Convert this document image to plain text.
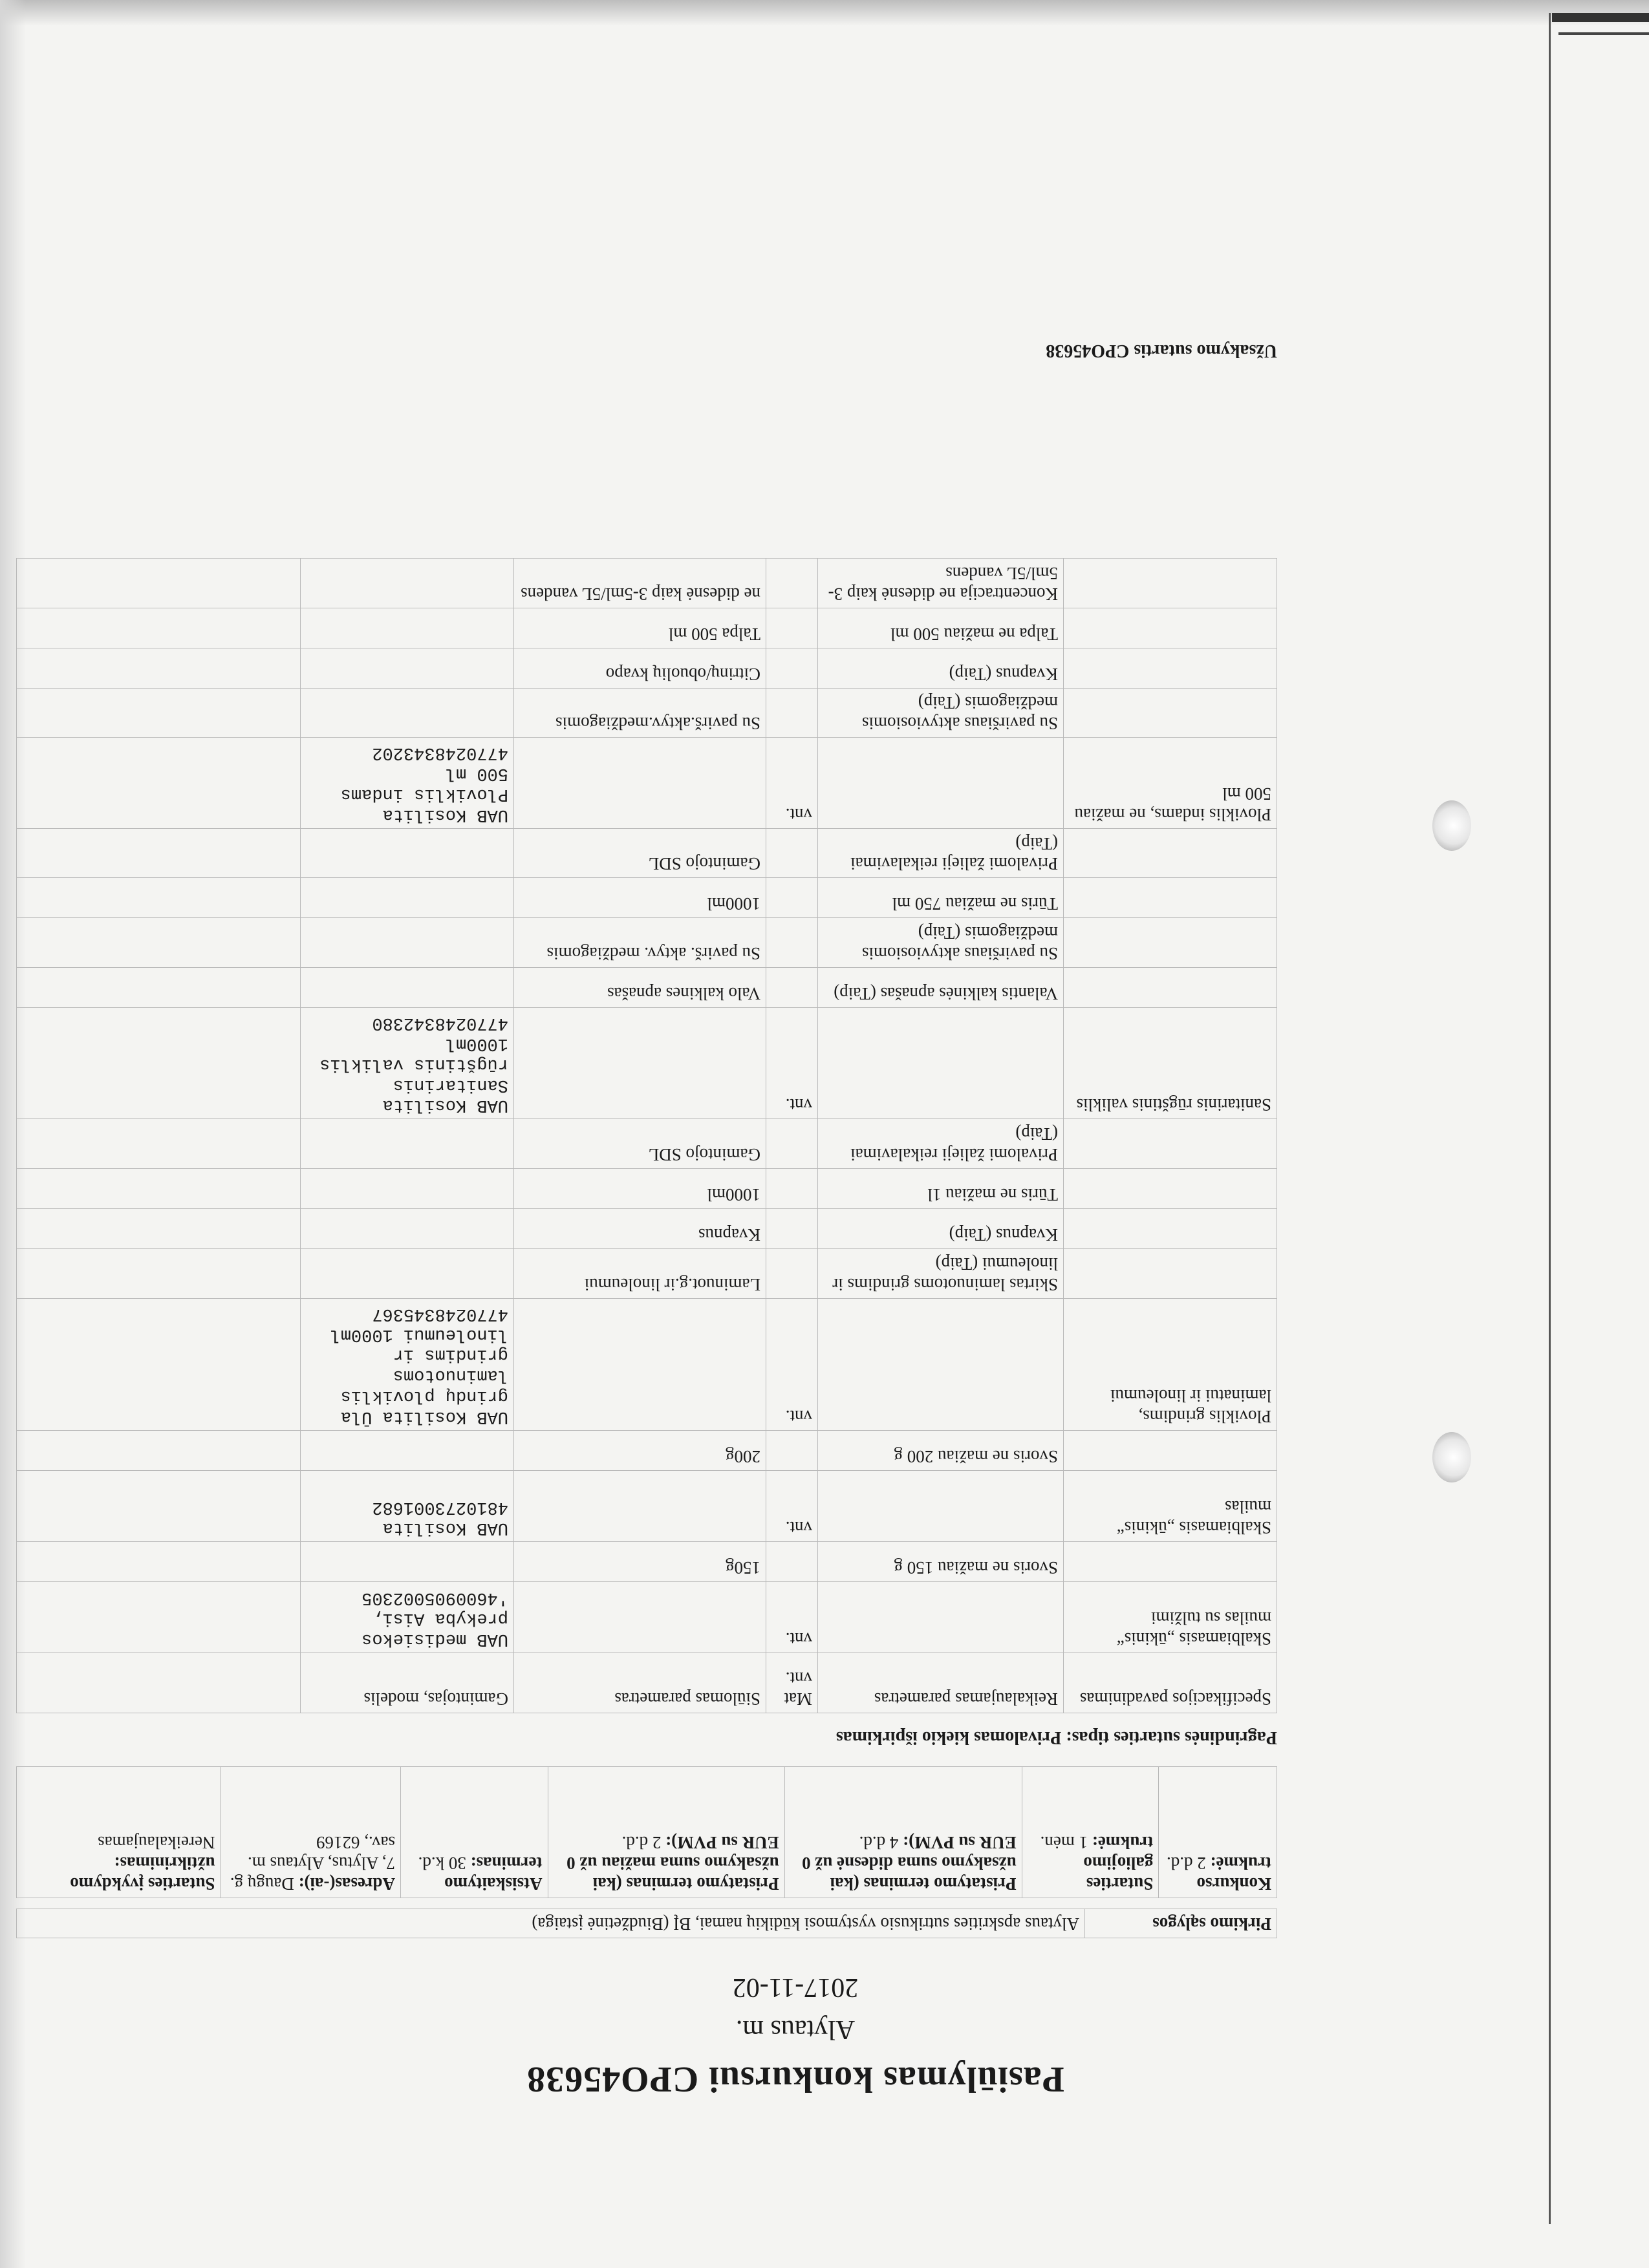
Pasiūlymas konkursui CPO45638
Alytaus m.
2017-11-02
Pirkimo sąlygos	Alytaus apskrities sutrikusio vystymosi kūdikių namai, BĮ (Biudžetinė įstaiga)
Konkurso trukmė: 2 d.d.	Sutarties galiojimo trukmė: 1 mėn.	Pristatymo terminas (kai užsakymo suma didesnė už 0 EUR su PVM): 4 d.d.	Pristatymo terminas (kai užsakymo suma mažiau už 0 EUR su PVM): 2 d.d.	Atsiskaitymo terminas: 30 k.d.	Adresas(-ai): Daugų g. 7, Alytus, Alytaus m. sav., 62169	Sutarties įvykdymo užtikrinimas: Nereikalaujamas
Pagrindinės sutarties tipas: Privalomas kiekio išpirkimas
Specifikacijos pavadinimas	Reikalaujamas parametras	Mat vnt.	Siūlomas parametras	Gamintojas, modelis	
Skalbiamasis „ūkinis“ muilas su tulžimi		vnt.		UAB medisiekos prekyba Aisi, '4600905002305	
	Svoris ne mažiau 150 g		150g		
Skalbiamasis „ūkinis“ muilas		vnt.		UAB Kosilita 4810273001682	
	Svoris ne mažiau 200 g		200g		
Ploviklis grindims, laminatui ir linoleumui		vnt.		UAB Kosilita Ūla grindų ploviklis laminuotoms grindims ir linoleumui 1000ml 4770248345367	
	Skirtas laminuotoms grindims ir linoleumui (Taip)		Laminuot.g.ir linoleumui		
	Kvapnus (Taip)		Kvapnus		
	Tūris ne mažiau 1l		1000ml		
	Privalomi žalieji reikalavimai (Taip)		Gamintojo SDL		
Sanitarinis rūgštinis valiklis		vnt.		UAB Kosilita Sanitarinis rūgštinis valiklis 1000ml 4770248342380	
	Valantis kalkinės apnašas (Taip)		Valo kalkines apnašas		
	Su paviršiaus aktyviosiomis medžiagomis (Taip)		Su pavirš. aktyv. medžiagomis		
	Tūris ne mažiau 750 ml		1000ml		
	Privalomi žalieji reikalavimai (Taip)		Gamintojo SDL		
Ploviklis indams, ne mažiau 500 ml		vnt.		UAB Kosilita Ploviklis indams 500 ml 4770248343202	
	Su paviršiaus aktyviosiomis medžiagomis (Taip)		Su pavirš.aktyv.medžiagomis		
	Kvapnus (Taip)		Citrinų/obuolių kvapo		
	Talpa ne mažiau 500 ml		Talpa 500 ml		
	Koncentracija ne didesnė kaip 3-5ml/5L vandens		ne didesnė kaip 3-5ml/5L vandens		
Užsakymo sutartis CPO45638
